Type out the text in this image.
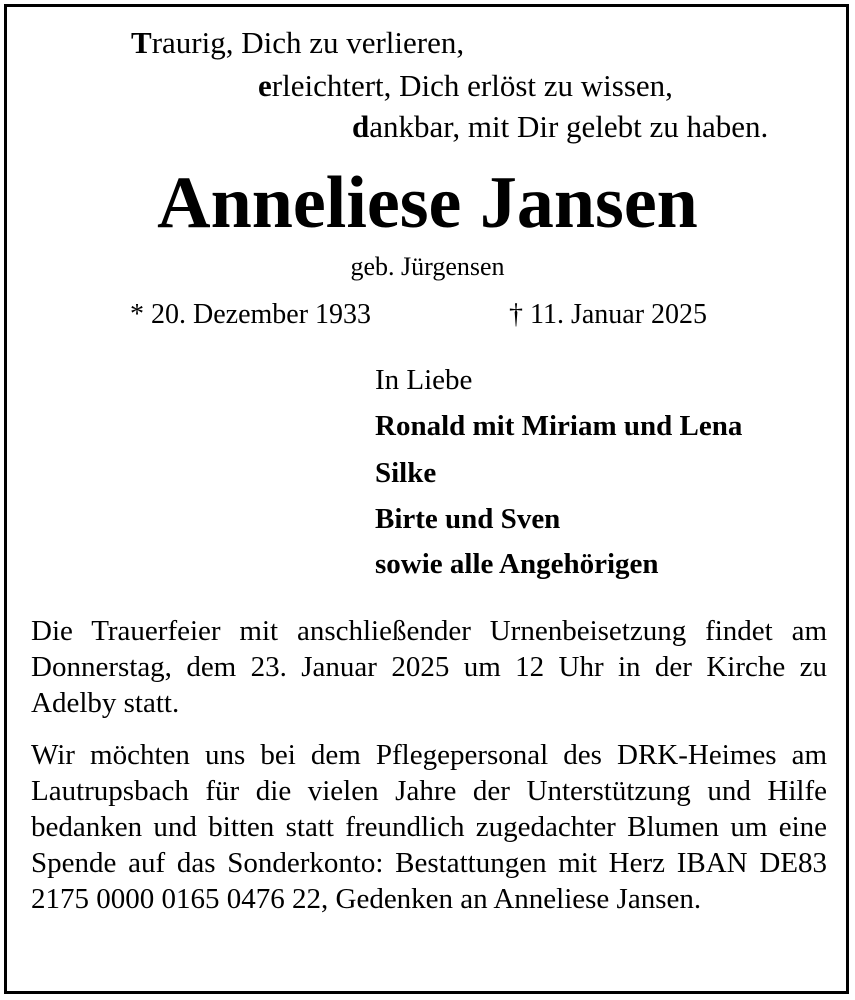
Traurig, Dich zu verlieren,
erleichtert, Dich erlöst zu wissen,
dankbar, mit Dir gelebt zu haben.
Anneliese Jansen
geb. Jürgensen
* 20. Dezember 1933	† 11. Januar 2025
In Liebe
Ronald mit Miriam und Lena
Silke
Birte und Sven
sowie alle Angehörigen

Die Trauerfeier mit anschließender Urnenbeisetzung findet am Donnerstag, dem 23. Januar 2025 um 12 Uhr in der Kirche zu Adelby statt.

Wir möchten uns bei dem Pflegepersonal des DRK-Heimes am Lautrupsbach für die vielen Jahre der Unterstützung und Hilfe bedanken und bitten statt freundlich zugedachter Blumen um eine Spende auf das Sonderkonto: Bestattungen mit Herz IBAN DE83 2175 0000 0165 0476 22, Gedenken an Anneliese Jansen.
